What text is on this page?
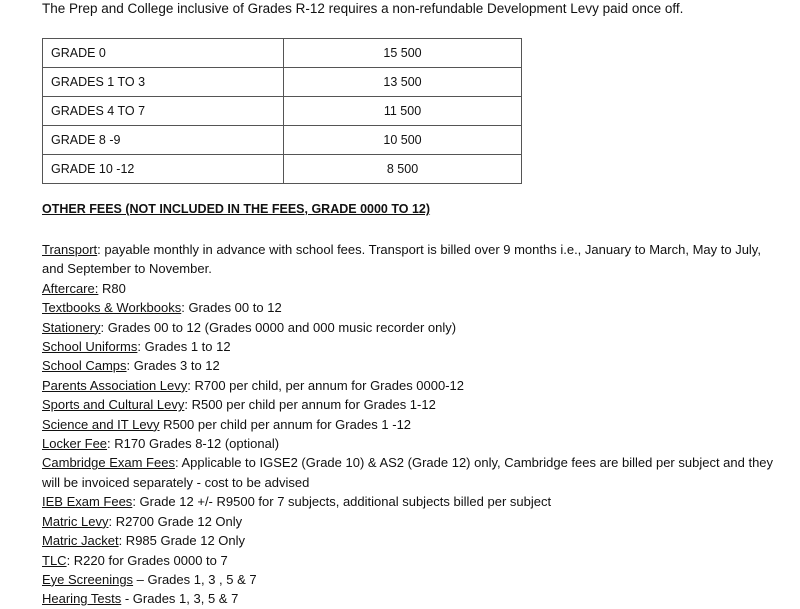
The Prep and College inclusive of Grades R-12 requires a non-refundable Development Levy paid once off.
GRADE 0	15 500
GRADES 1 TO 3	13 500
GRADES 4 TO 7	11 500
GRADE 8 -9	10 500
GRADE 10 -12	8 500
OTHER FEES (NOT INCLUDED IN THE FEES, GRADE 0000 TO 12)

Transport: payable monthly in advance with school fees. Transport is billed over 9 months i.e., January to March, May to July, and September to November.

Aftercare: R80

Textbooks & Workbooks: Grades 00 to 12

Stationery: Grades 00 to 12 (Grades 0000 and 000 music recorder only)

School Uniforms: Grades 1 to 12

School Camps: Grades 3 to 12

Parents Association Levy: R700 per child, per annum for Grades 0000-12

Sports and Cultural Levy: R500 per child per annum for Grades 1-12

Science and IT Levy R500 per child per annum for Grades 1 -12

Locker Fee: R170 Grades 8-12 (optional)

Cambridge Exam Fees: Applicable to IGSE2 (Grade 10) & AS2 (Grade 12) only, Cambridge fees are billed per subject and they will be invoiced separately - cost to be advised

IEB Exam Fees: Grade 12 +/- R9500 for 7 subjects, additional subjects billed per subject

Matric Levy: R2700 Grade 12 Only

Matric Jacket: R985 Grade 12 Only

TLC: R220 for Grades 0000 to 7

Eye Screenings – Grades 1, 3 , 5 & 7

Hearing Tests - Grades 1, 3, 5 & 7
